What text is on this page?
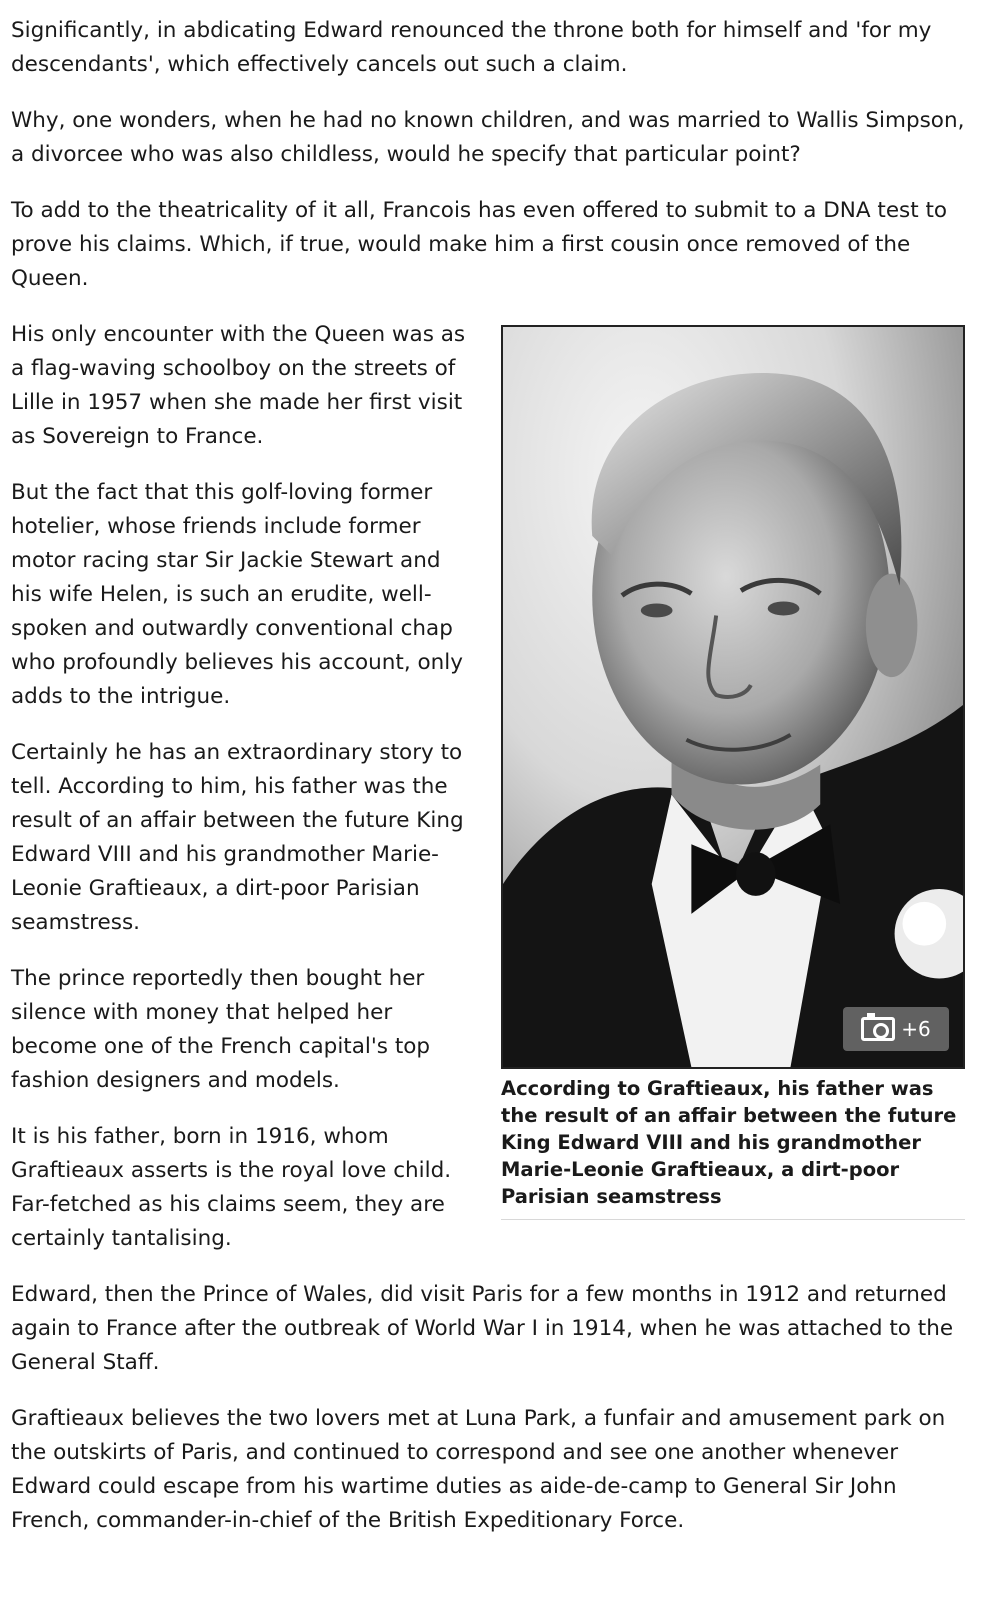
Significantly, in abdicating Edward renounced the throne both for himself and 'for my descendants', which effectively cancels out such a claim.

Why, one wonders, when he had no known children, and was married to Wallis Simpson, a divorcee who was also childless, would he specify that particular point?

To add to the theatricality of it all, Francois has even offered to submit to a DNA test to prove his claims. Which, if true, would make him a first cousin once removed of the Queen.

+6
According to Graftieaux, his father was the result of an affair between the future King Edward VIII and his grandmother Marie-Leonie Graftieaux, a dirt-poor Parisian seamstress

His only encounter with the Queen was as a flag-waving schoolboy on the streets of Lille in 1957 when she made her first visit as Sovereign to France.

But the fact that this golf-loving former hotelier, whose friends include former motor racing star Sir Jackie Stewart and his wife Helen, is such an erudite, well-spoken and outwardly conventional chap who profoundly believes his account, only adds to the intrigue.

Certainly he has an extraordinary story to tell. According to him, his father was the result of an affair between the future King Edward VIII and his grandmother Marie-Leonie Graftieaux, a dirt-poor Parisian seamstress.

The prince reportedly then bought her silence with money that helped her become one of the French capital's top fashion designers and models.

It is his father, born in 1916, whom Graftieaux asserts is the royal love child. Far-fetched as his claims seem, they are certainly tantalising.

Edward, then the Prince of Wales, did visit Paris for a few months in 1912 and returned again to France after the outbreak of World War I in 1914, when he was attached to the General Staff.

Graftieaux believes the two lovers met at Luna Park, a funfair and amusement park on the outskirts of Paris, and continued to correspond and see one another whenever Edward could escape from his wartime duties as aide-de-camp to General Sir John French, commander-in-chief of the British Expeditionary Force.
